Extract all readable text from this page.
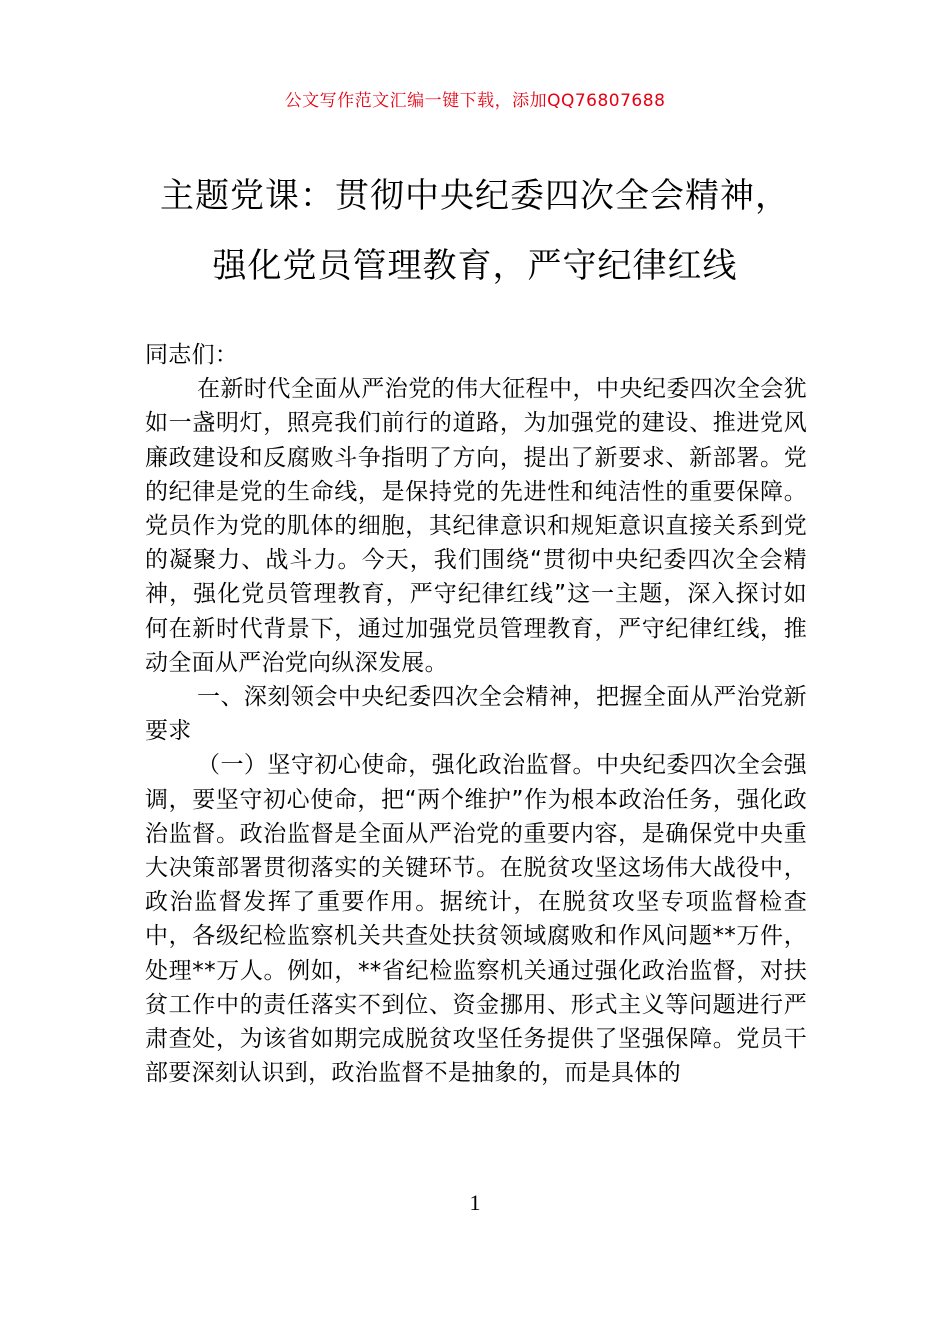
公文写作范文汇编一键下载，添加QQ76807688
主题党课：贯彻中央纪委四次全会精神，
强化党员管理教育，严守纪律红线

同志们：

在新时代全面从严治党的伟大征程中，中央纪委四次全会犹如一盏明灯，照亮我们前行的道路，为加强党的建设、推进党风廉政建设和反腐败斗争指明了方向，提出了新要求、新部署。党的纪律是党的生命线，是保持党的先进性和纯洁性的重要保障。党员作为党的肌体的细胞，其纪律意识和规矩意识直接关系到党的凝聚力、战斗力。今天，我们围绕“贯彻中央纪委四次全会精神，强化党员管理教育，严守纪律红线”这一主题，深入探讨如何在新时代背景下，通过加强党员管理教育，严守纪律红线，推动全面从严治党向纵深发展。

一、深刻领会中央纪委四次全会精神，把握全面从严治党新要求

（一）坚守初心使命，强化政治监督。中央纪委四次全会强调，要坚守初心使命，把“两个维护”作为根本政治任务，强化政治监督。政治监督是全面从严治党的重要内容，是确保党中央重大决策部署贯彻落实的关键环节。在脱贫攻坚这场伟大战役中，政治监督发挥了重要作用。据统计，在脱贫攻坚专项监督检查中，各级纪检监察机关共查处扶贫领域腐败和作风问题**万件，处理**万人。例如，**省纪检监察机关通过强化政治监督，对扶贫工作中的责任落实不到位、资金挪用、形式主义等问题进行严肃查处，为该省如期完成脱贫攻坚任务提供了坚强保障。党员干部要深刻认识到，政治监督不是抽象的，而是具体的

1
